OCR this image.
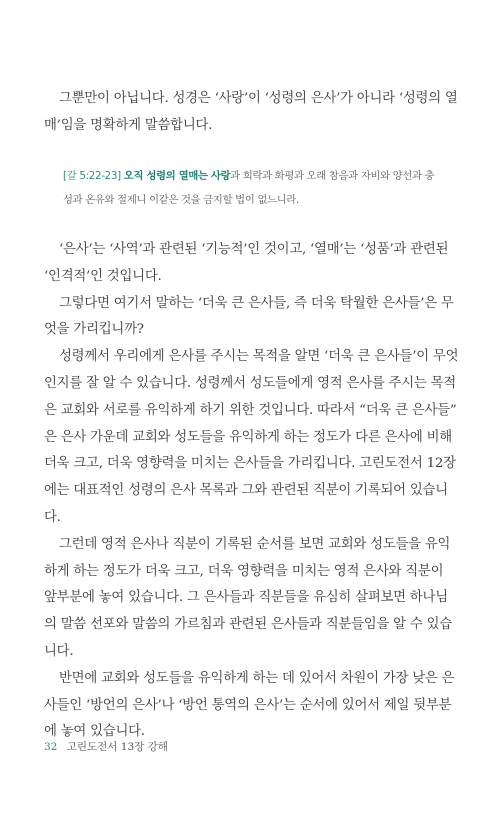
그뿐만이 아닙니다. 성경은 ‘사랑’이 ‘성령의 은사’가 아니라 ‘성령의 열매’임을 명확하게 말씀합니다.

[갈 5:22-23] 오직 성령의 열매는 사랑과 희락과 화평과 오래 참음과 자비와 양선과 충성과 온유와 절제니 이같은 것을 금지할 법이 없느니라.

‘은사’는 ‘사역’과 관련된 ‘기능적’인 것이고, ‘열매’는 ‘성품’과 관련된 ‘인격적’인 것입니다.

그렇다면 여기서 말하는 ‘더욱 큰 은사들, 즉 더욱 탁월한 은사들’은 무엇을 가리킵니까?

성령께서 우리에게 은사를 주시는 목적을 알면 ‘더욱 큰 은사들’이 무엇인지를 잘 알 수 있습니다. 성령께서 성도들에게 영적 은사를 주시는 목적은 교회와 서로를 유익하게 하기 위한 것입니다. 따라서 “더욱 큰 은사들” 은 은사 가운데 교회와 성도들을 유익하게 하는 정도가 다른 은사에 비해 더욱 크고, 더욱 영향력을 미치는 은사들을 가리킵니다. 고린도전서 12장에는 대표적인 성령의 은사 목록과 그와 관련된 직분이 기록되어 있습니다.

그런데 영적 은사나 직분이 기록된 순서를 보면 교회와 성도들을 유익하게 하는 정도가 더욱 크고, 더욱 영향력을 미치는 영적 은사와 직분이 앞부분에 놓여 있습니다. 그 은사들과 직분들을 유심히 살펴보면 하나님의 말씀 선포와 말씀의 가르침과 관련된 은사들과 직분들임을 알 수 있습니다.

반면에 교회와 성도들을 유익하게 하는 데 있어서 차원이 가장 낮은 은사들인 ‘방언의 은사’나 ‘방언 통역의 은사’는 순서에 있어서 제일 뒷부분에 놓여 있습니다.

32 고린도전서 13장 강해
